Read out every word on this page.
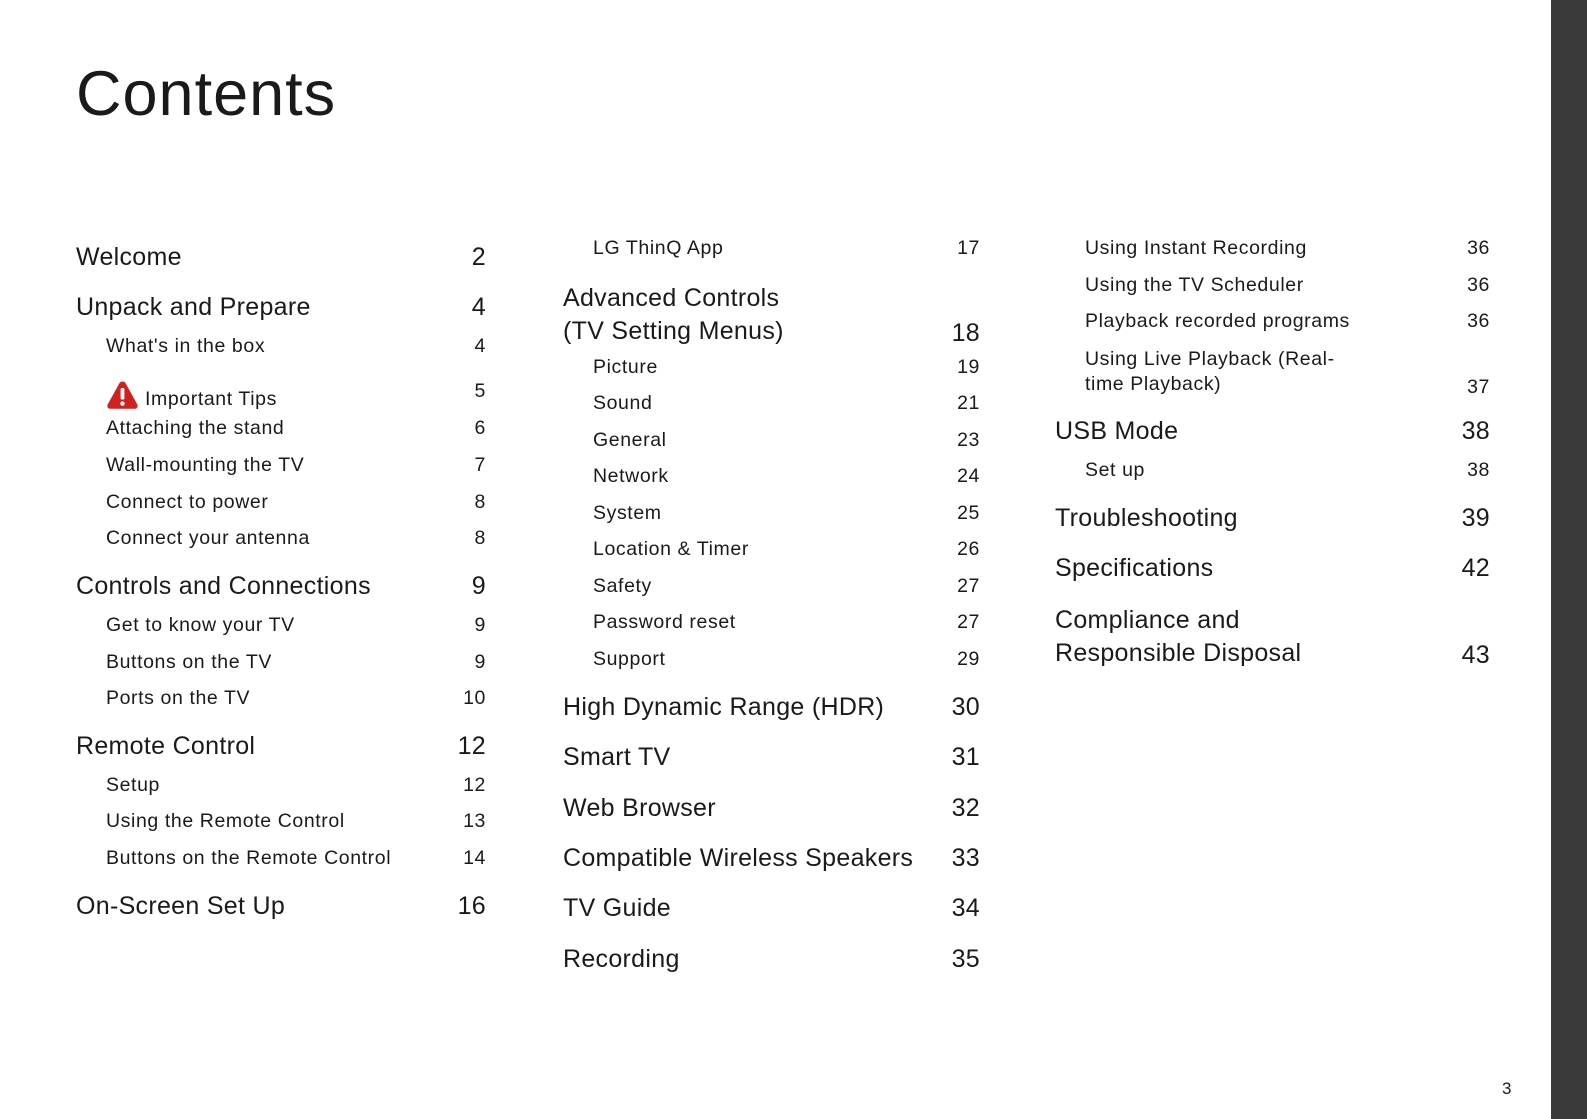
Contents
Welcome	2
Unpack and Prepare	4
What's in the box	4
Important Tips	5
Attaching the stand	6
Wall-mounting the TV	7
Connect to power	8
Connect your antenna	8
Controls and Connections	9
Get to know your TV	9
Buttons on the TV	9
Ports on the TV	10
Remote Control	12
Setup	12
Using the Remote Control	13
Buttons on the Remote Control	14
On-Screen Set Up	16
LG ThinQ App	17
Advanced Controls (TV Setting Menus)	18
Picture	19
Sound	21
General	23
Network	24
System	25
Location & Timer	26
Safety	27
Password reset	27
Support	29
High Dynamic Range (HDR)	30
Smart TV	31
Web Browser	32
Compatible Wireless Speakers 33
TV Guide	34
Recording	35
Using Instant Recording	36
Using the TV Scheduler	36
Playback recorded programs	36
Using Live Playback (Real-time Playback)	37
USB Mode	38
Set up	38
Troubleshooting	39
Specifications	42
Compliance and Responsible Disposal	43
3
